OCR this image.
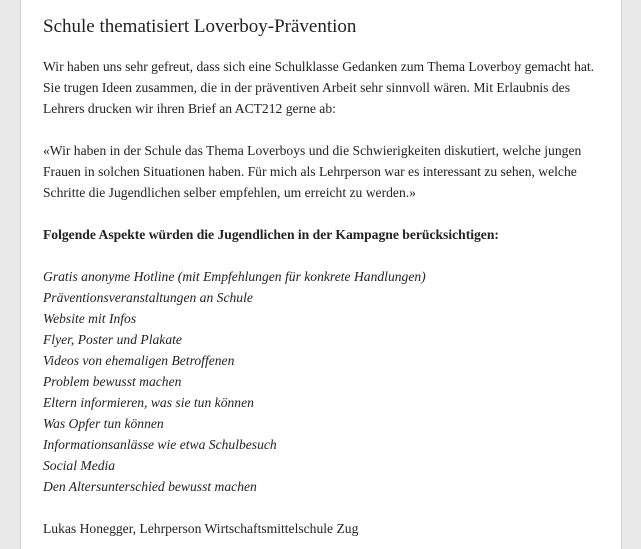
Schule thematisiert Loverboy-Prävention

Wir haben uns sehr gefreut, dass sich eine Schulklasse Gedanken zum Thema Loverboy gemacht hat. Sie trugen Ideen zusammen, die in der präventiven Arbeit sehr sinnvoll wären. Mit Erlaubnis des Lehrers drucken wir ihren Brief an ACT212 gerne ab:

«Wir haben in der Schule das Thema Loverboys und die Schwierigkeiten diskutiert, welche jungen Frauen in solchen Situationen haben. Für mich als Lehrperson war es interessant zu sehen, welche Schritte die Jugendlichen selber empfehlen, um erreicht zu werden.»

Folgende Aspekte würden die Jugendlichen in der Kampagne berücksichtigen:

Gratis anonyme Hotline (mit Empfehlungen für konkrete Handlungen)
Präventionsveranstaltungen an Schule
Website mit Infos
Flyer, Poster und Plakate
Videos von ehemaligen Betroffenen
Problem bewusst machen
Eltern informieren, was sie tun können
Was Opfer tun können
Informationsanlässe wie etwa Schulbesuch
Social Media
Den Altersunterschied bewusst machen

Lukas Honegger, Lehrperson Wirtschaftsmittelschule Zug
